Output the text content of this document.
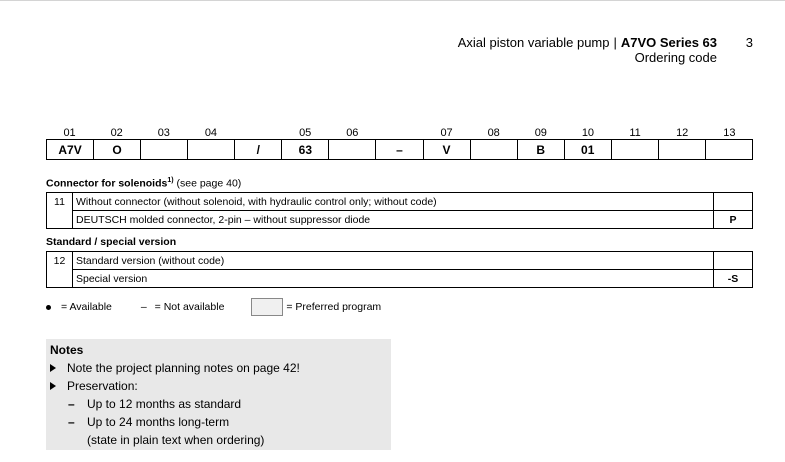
Axial piston variable pump | A7VO Series 63 3
Ordering code
01	02	03	04		05	06		07	08	09	10	11	12	13
A7V	O			/	63		–	V		B	01			
Connector for solenoids$^{1)}$ (see page 40)
11	Without connector (without solenoid, with hydraulic control only; without code)	
	DEUTSCH molded connector, 2-pin – without suppressor diode	P
Standard / special version
12	Standard version (without code)	
	Special version	-S
= Available	– = Not available	= Preferred program
Notes
Note the project planning notes on page 42!
Preservation:
– Up to 12 months as standard
– Up to 24 months long-term
(state in plain text when ordering)
